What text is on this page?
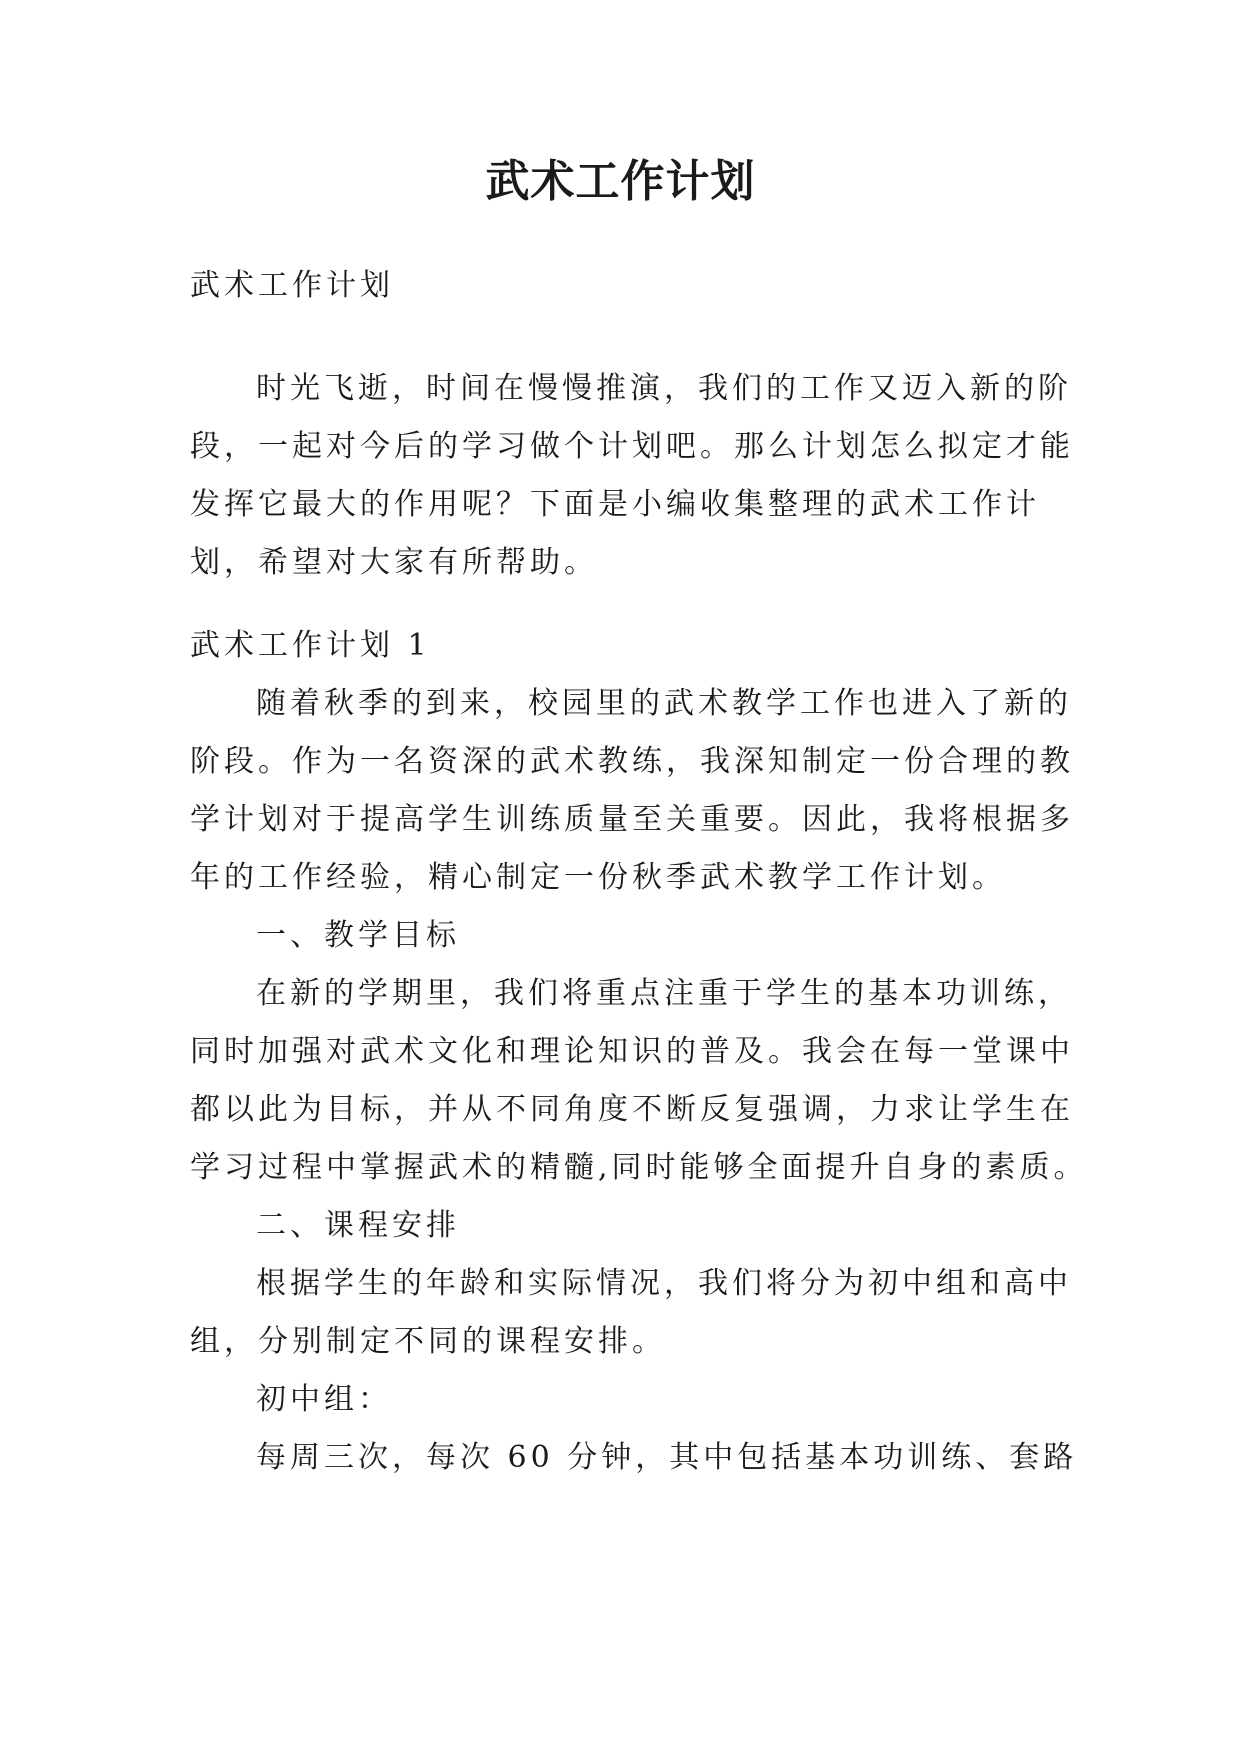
武术工作计划

武术工作计划

时光飞逝，时间在慢慢推演，我们的工作又迈入新的阶
段，一起对今后的学习做个计划吧。那么计划怎么拟定才能
发挥它最大的作用呢？下面是小编收集整理的武术工作计
划，希望对大家有所帮助。

武术工作计划 1
随着秋季的到来，校园里的武术教学工作也进入了新的
阶段。作为一名资深的武术教练，我深知制定一份合理的教
学计划对于提高学生训练质量至关重要。因此，我将根据多
年的工作经验，精心制定一份秋季武术教学工作计划。
一、教学目标
在新的学期里，我们将重点注重于学生的基本功训练，
同时加强对武术文化和理论知识的普及。我会在每一堂课中
都以此为目标，并从不同角度不断反复强调，力求让学生在
学习过程中掌握武术的精髓,同时能够全面提升自身的素质。
二、课程安排
根据学生的年龄和实际情况，我们将分为初中组和高中
组，分别制定不同的课程安排。
初中组：
每周三次，每次 60 分钟，其中包括基本功训练、套路
